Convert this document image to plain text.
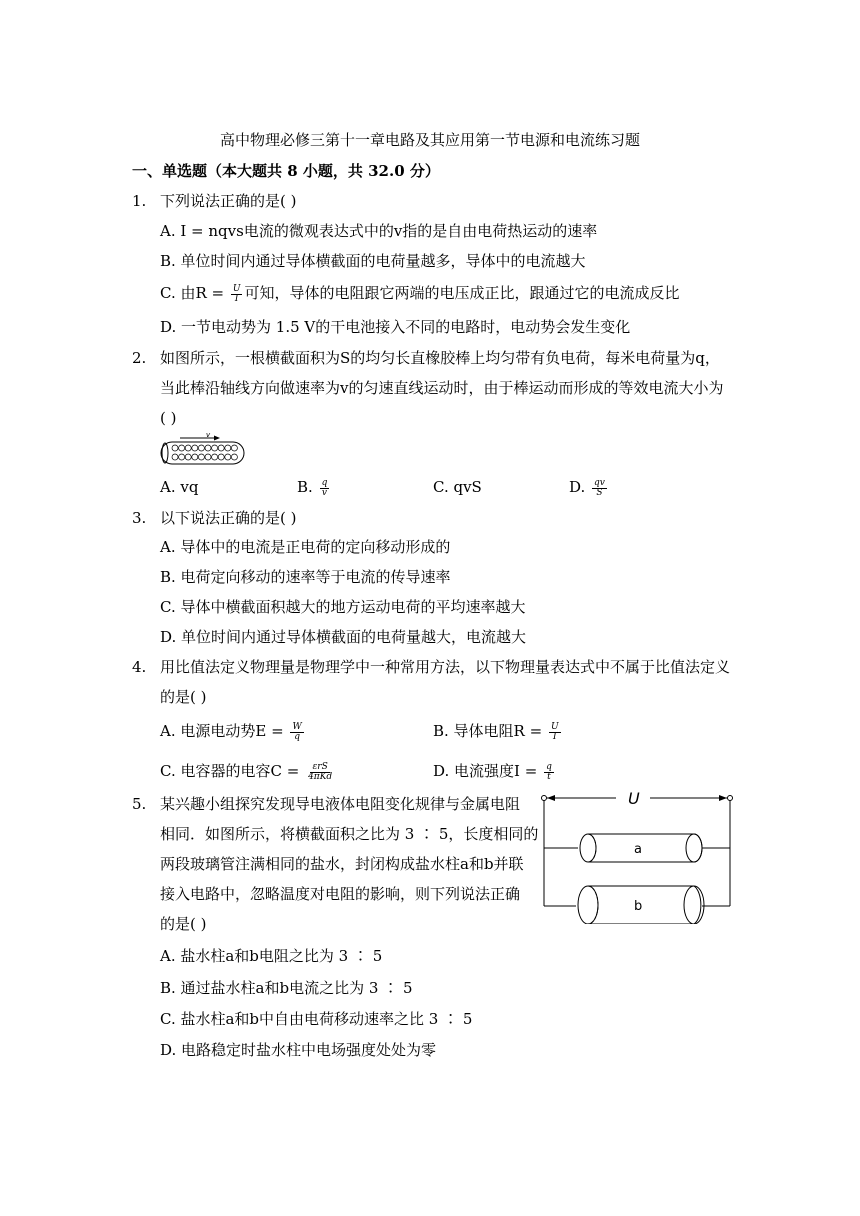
高中物理必修三第十一章电路及其应用第一节电源和电流练习题
一、单选题（本大题共 8 小题，共 32.0 分）
1. 下列说法正确的是( )
A. I = nqvs电流的微观表达式中的v指的是自由电荷热运动的速率
B. 单位时间内通过导体横截面的电荷量越多，导体中的电流越大
C. 由$R = \frac{U}{I}$ 可知，导体的电阻跟它两端的电压成正比，跟通过它的电流成反比
D. 一节电动势为 1.5 V的干电池接入不同的电路时，电动势会发生变化
2. 如图所示，一根横截面积为S的均匀长直橡胶棒上均匀带有负电荷，每米电荷量为q，
当此棒沿轴线方向做速率为v的匀速直线运动时，由于棒运动而形成的等效电流大小为
( )
v
A. vq	B. $\frac{q}{v}$	C. qvS	D. $\frac{qv}{S}$
3. 以下说法正确的是( )
A. 导体中的电流是正电荷的定向移动形成的
B. 电荷定向移动的速率等于电流的传导速率
C. 导体中横截面积越大的地方运动电荷的平均速率越大
D. 单位时间内通过导体横截面的电荷量越大，电流越大
4. 用比值法定义物理量是物理学中一种常用方法，以下物理量表达式中不属于比值法定义
的是( )
A. 电源电动势$E = \frac{W}{q}$	B. 导体电阻$R = \frac{U}{I}$
C. 电容器的电容$C = \frac{\text{εrS}}{\text{4πKd}}$	D. 电流强度$I = \frac{q}{t}$
5. 某兴趣小组探究发现导电液体电阻变化规律与金属电阻
相同．如图所示，将横截面积之比为 3 ∶ 5，长度相同的
两段玻璃管注满相同的盐水，封闭构成盐水柱a和b并联
接入电路中，忽略温度对电阻的影响，则下列说法正确
的是( )
U
a
b
A. 盐水柱a和b电阻之比为 3 ∶ 5
B. 通过盐水柱a和b电流之比为 3 ∶ 5
C. 盐水柱a和b中自由电荷移动速率之比 3 ∶ 5
D. 电路稳定时盐水柱中电场强度处处为零
